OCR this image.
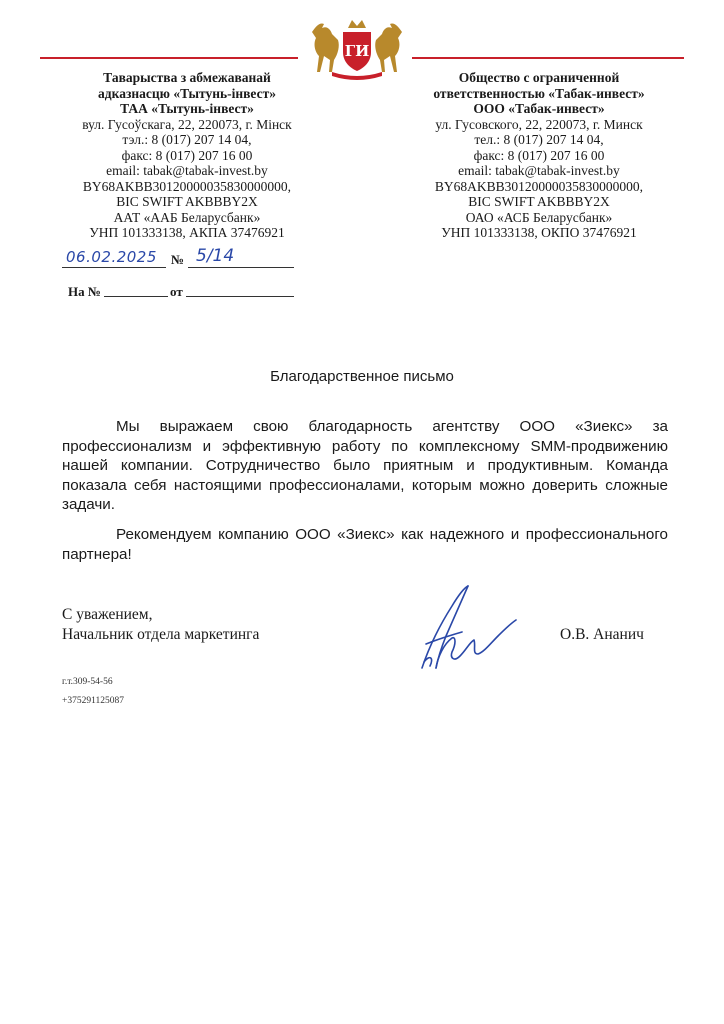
ГИ
Таварыства з абмежаванай
адказнасцю «Тытунь-інвест»
ТАА «Тытунь-інвест»
вул. Гусоўскага, 22, 220073, г. Мінск
тэл.: 8 (017) 207 14 04,
факс: 8 (017) 207 16 00
email: tabak@tabak-invest.by
BY68AKBB30120000035830000000,
BIC SWIFT AKBBBY2X
ААТ «ААБ Беларусбанк»
УНП 101333138, АКПА 37476921
Общество с ограниченной
ответственностью «Табак-инвест»
ООО «Табак-инвест»
ул. Гусовского, 22, 220073, г. Минск
тел.: 8 (017) 207 14 04,
факс: 8 (017) 207 16 00
email: tabak@tabak-invest.by
BY68AKBB30120000035830000000,
BIC SWIFT AKBBBY2X
ОАО «АСБ Беларусбанк»
УНП 101333138, ОКПО 37476921
06.02.2025 № 5/14
На №	от
Благодарственное письмо
Мы выражаем свою благодарность агентству ООО «Зиекс» за профессионализм и эффективную работу по комплексному SMM-продвижению нашей компании. Сотрудничество было приятным и продуктивным. Команда показала себя настоящими профессионалами, которым можно доверить сложные задачи.
Рекомендуем компанию ООО «Зиекс» как надежного и профессионального партнера!
С уважением,
Начальник отдела маркетинга	О.В. Ананич
г.т.309-54-56
+375291125087
